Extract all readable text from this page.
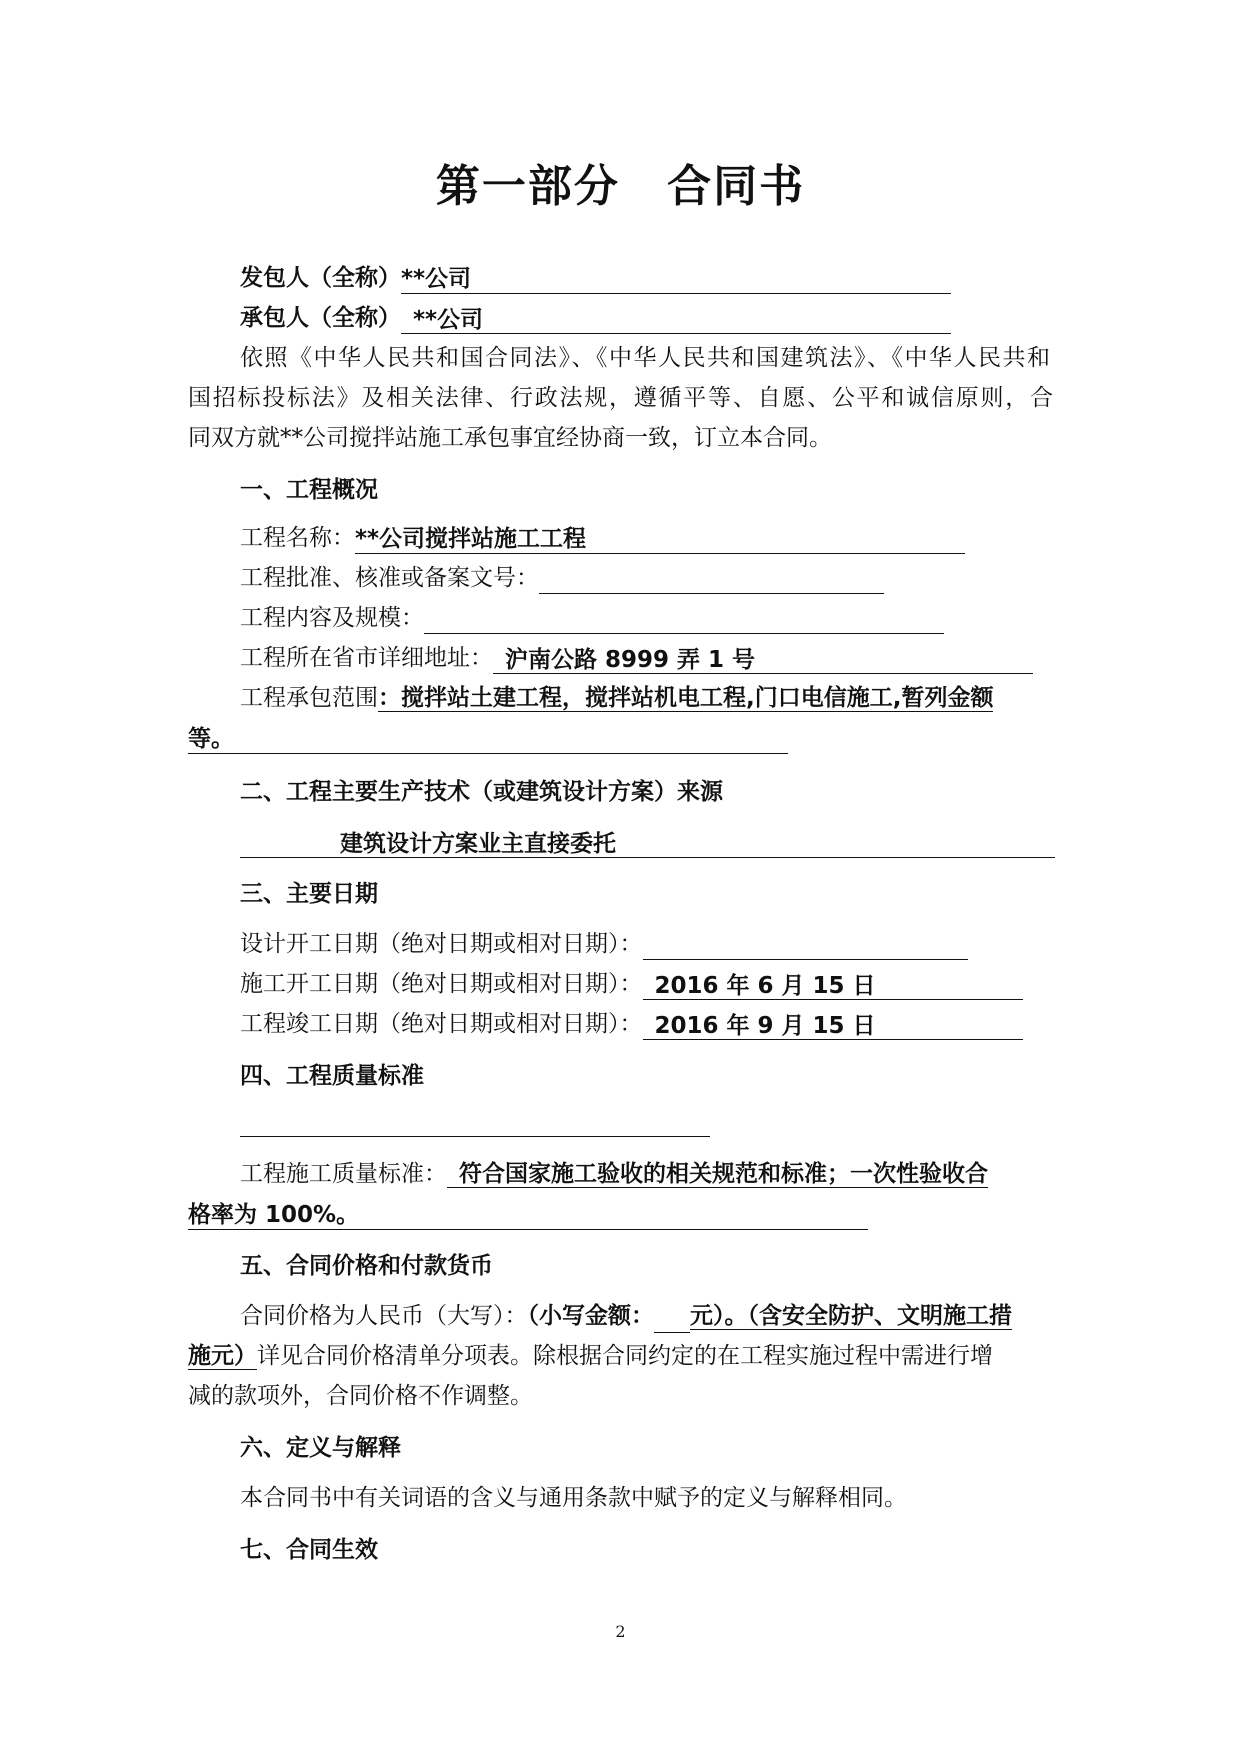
第一部分 合同书
发包人（全称）**公司
承包人（全称） **公司
依照《中华人民共和国合同法》、《中华人民共和国建筑法》、《中华人民共和
国招标投标法》及相关法律、行政法规，遵循平等、自愿、公平和诚信原则，合
同双方就**公司搅拌站施工承包事宜经协商一致，订立本合同。
一、工程概况
工程名称：**公司搅拌站施工工程
工程批准、核准或备案文号：
工程内容及规模：
工程所在省市详细地址： 沪南公路 8999 弄 1 号
工程承包范围：搅拌站土建工程，搅拌站机电工程,门口电信施工,暂列金额
等。
二、工程主要生产技术（或建筑设计方案）来源
建筑设计方案业主直接委托
三、主要日期
设计开工日期（绝对日期或相对日期）：
施工开工日期（绝对日期或相对日期）： 2016 年 6 月 15 日
工程竣工日期（绝对日期或相对日期）： 2016 年 9 月 15 日
四、工程质量标准
工程施工质量标准： 符合国家施工验收的相关规范和标准；一次性验收合
格率为 100%。
五、合同价格和付款货币
合同价格为人民币（大写）：（小写金额： 元）。（含安全防护、文明施工措
施元）详见合同价格清单分项表。除根据合同约定的在工程实施过程中需进行增
减的款项外，合同价格不作调整。
六、定义与解释
本合同书中有关词语的含义与通用条款中赋予的定义与解释相同。
七、合同生效
2
